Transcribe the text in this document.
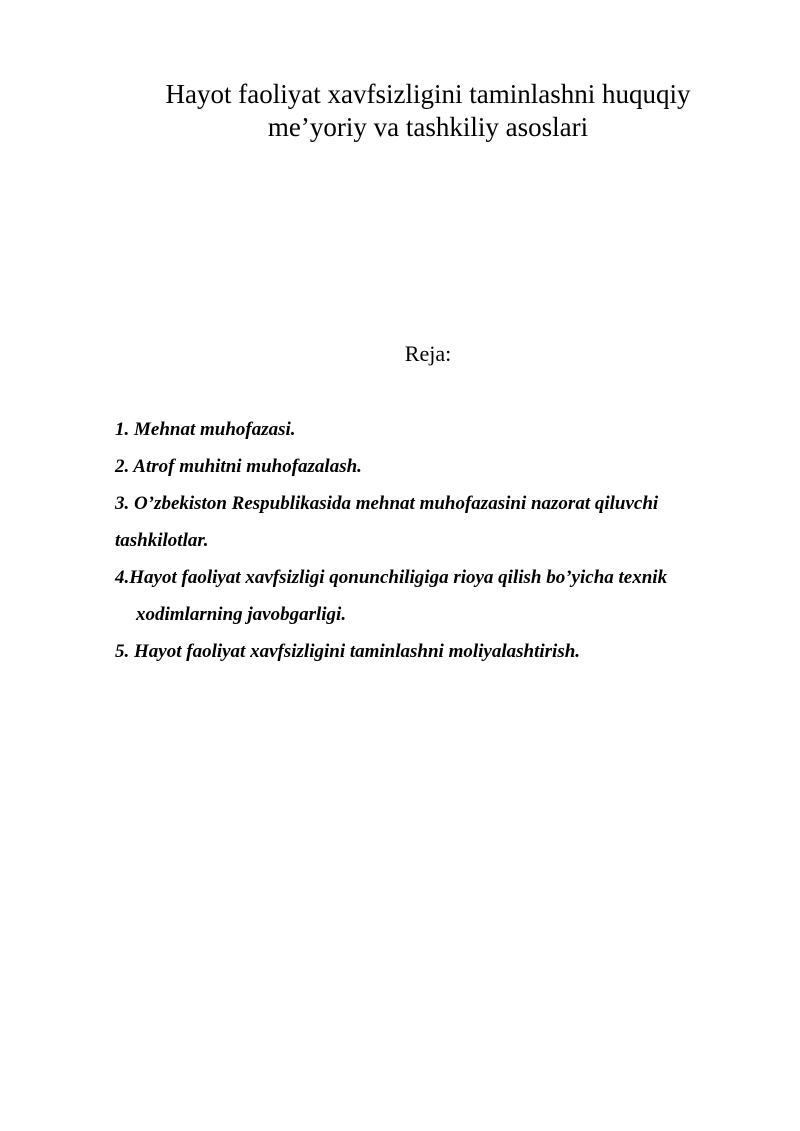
Hayot faoliyat xavfsizligini taminlashni huquqiy
me’yoriy va tashkiliy asoslari
Reja:
1. Mehnat muhofazasi.
2. Atrof muhitni muhofazalash.
3. O’zbekiston Respublikasida mehnat muhofazasini nazorat qiluvchi tashkilotlar.
4.Hayot faoliyat xavfsizligi qonunchiligiga rioya qilish bo’yicha texnik xodimlarning javobgarligi.
5. Hayot faoliyat xavfsizligini taminlashni moliyalashtirish.
